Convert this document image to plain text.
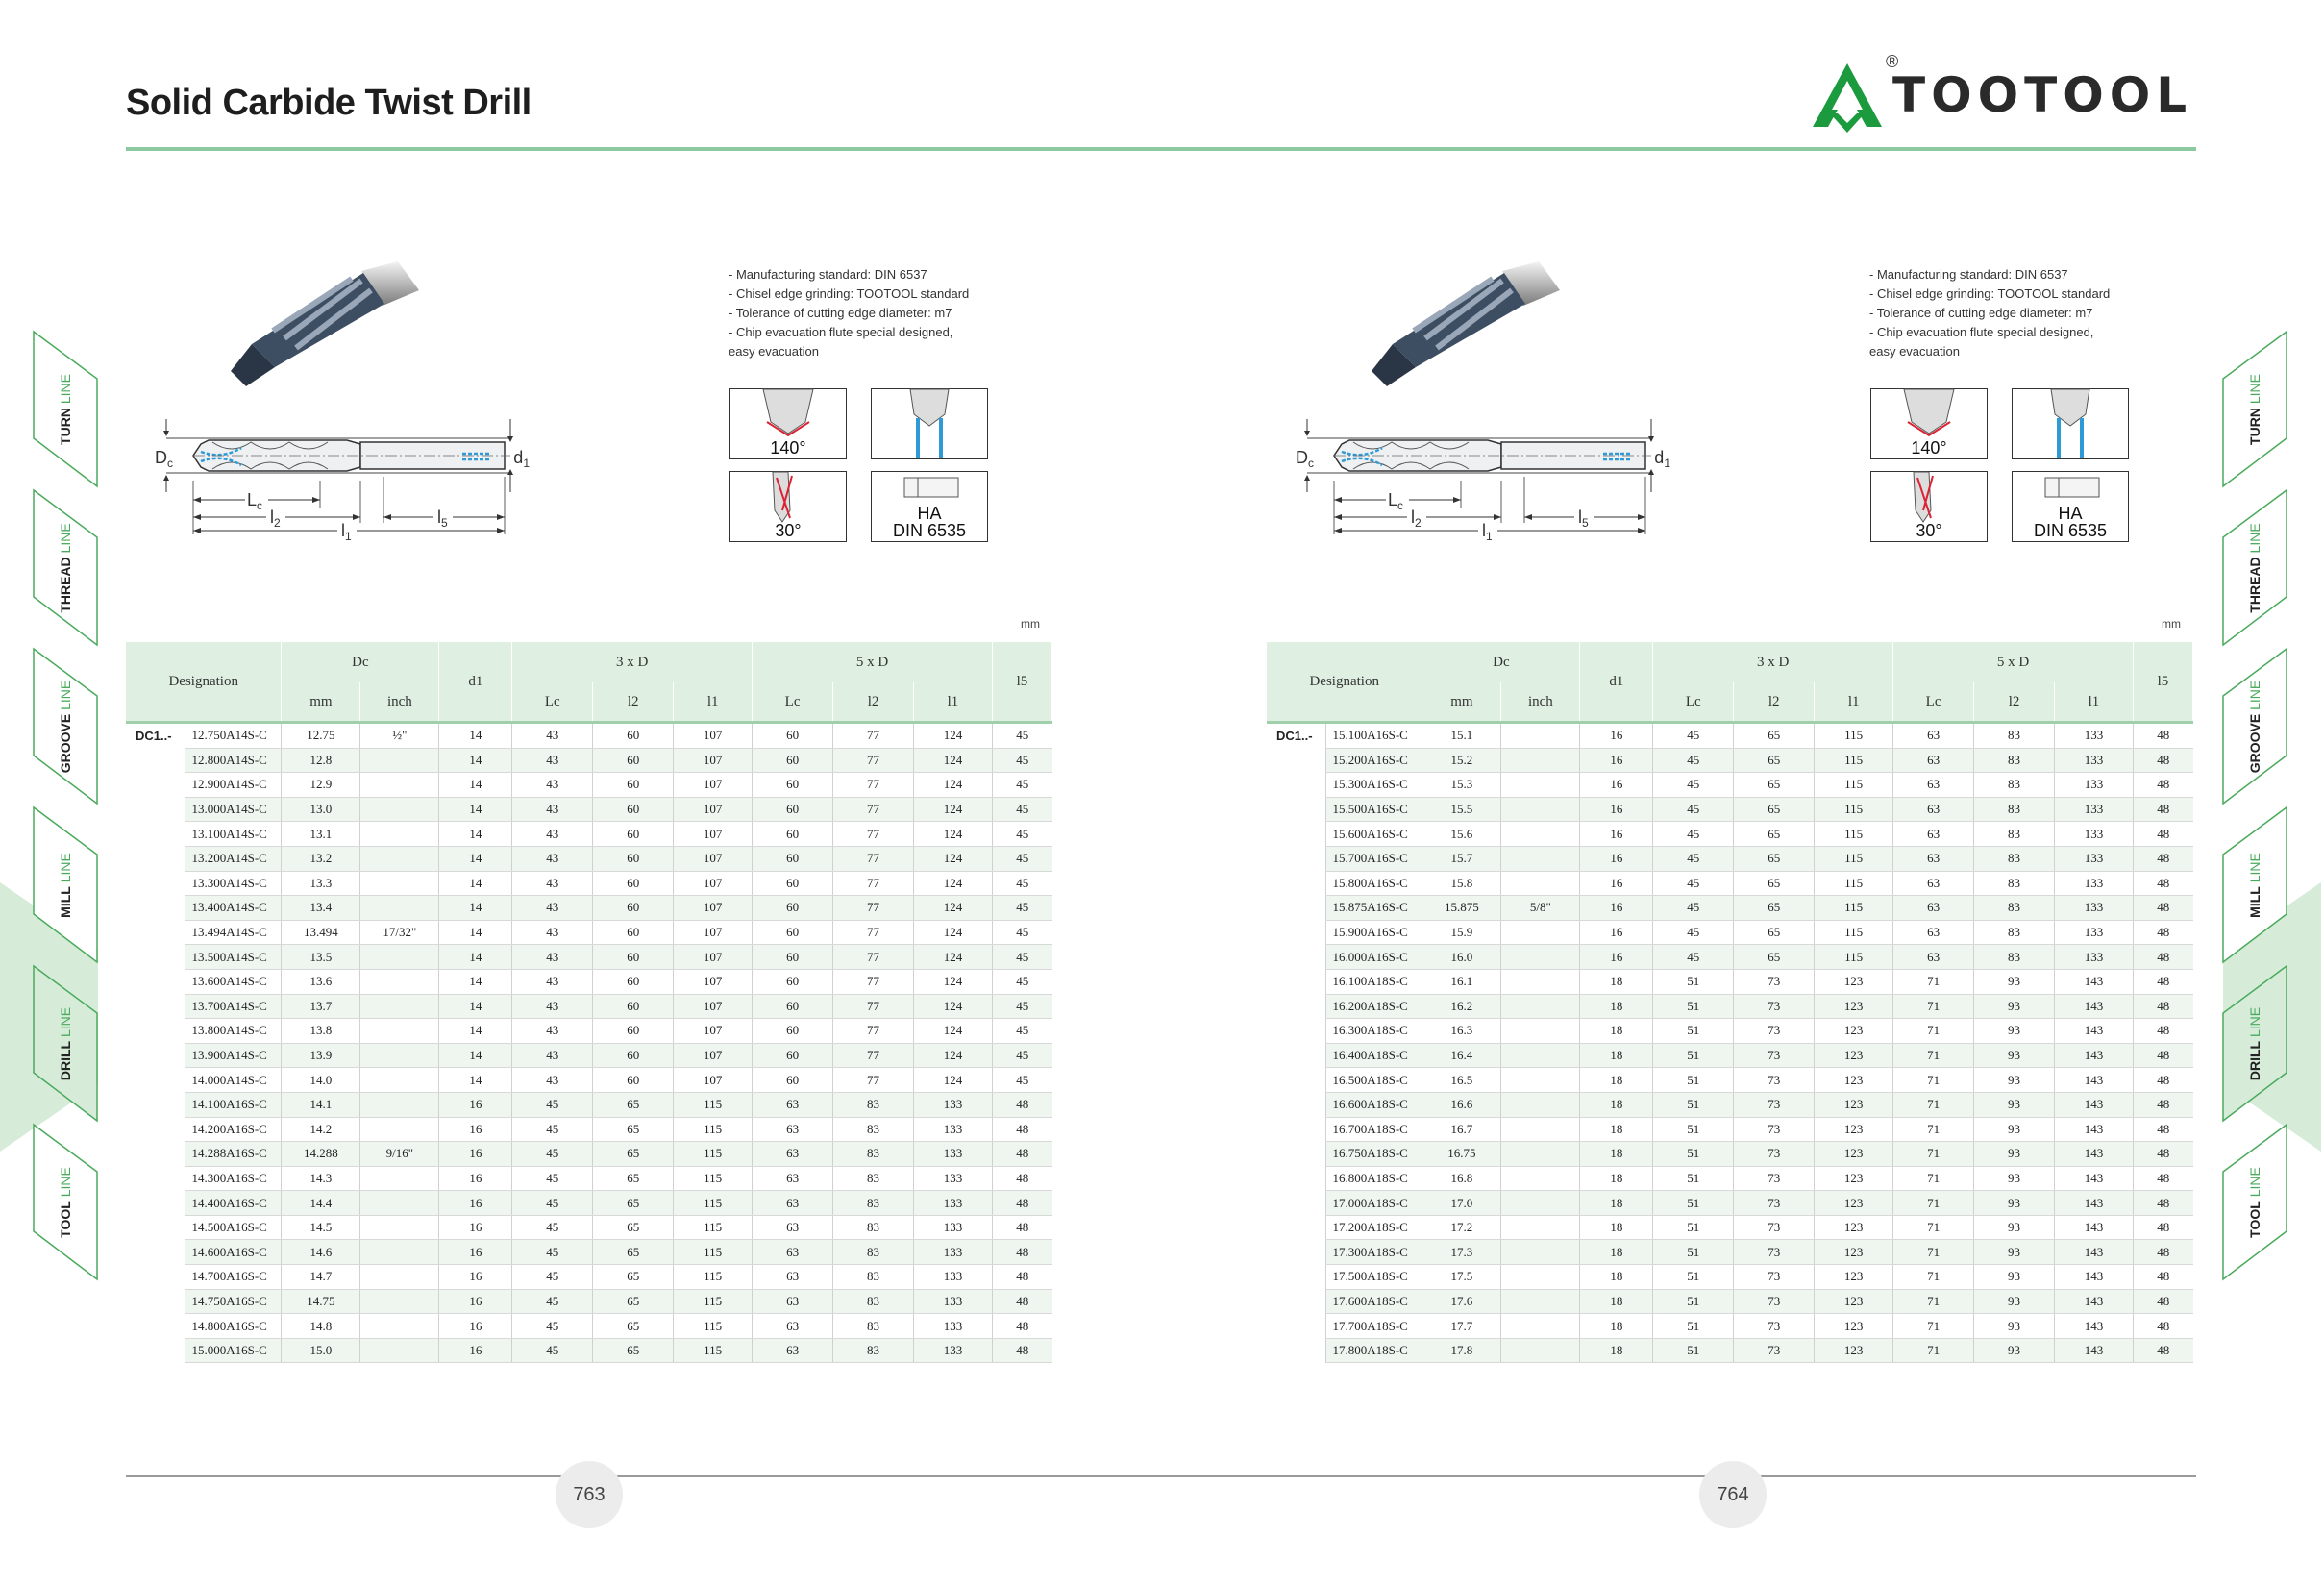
Solid Carbide Twist Drill
®
TOOTOOL
TURN LINE
THREAD LINE
GROOVE LINE
MILL LINE
DRILL LINE
TOOL LINE
TURN LINE
THREAD LINE
GROOVE LINE
MILL LINE
DRILL LINE
TOOL LINE
$D_c$	$d_1$
$L_c$
$l_2$	$l_5$
$l_1$
- Manufacturing standard: DIN 6537
- Chisel edge grinding: TOOTOOL standard
- Tolerance of cutting edge diameter: m7
- Chip evacuation flute special designed,
easy evacuation
140°
30°
HA
DIN 6535
mm
Designation		Dc		d1	3 x D			5 x D			l5
		mm	inch		Lc	l2	l1	Lc	l2	l1	
DC1..-	12.750A14S-C	12.75	½"	14	43	60	107	60	77	124	45
	12.800A14S-C	12.8		14	43	60	107	60	77	124	45
	12.900A14S-C	12.9		14	43	60	107	60	77	124	45
	13.000A14S-C	13.0		14	43	60	107	60	77	124	45
	13.100A14S-C	13.1		14	43	60	107	60	77	124	45
	13.200A14S-C	13.2		14	43	60	107	60	77	124	45
	13.300A14S-C	13.3		14	43	60	107	60	77	124	45
	13.400A14S-C	13.4		14	43	60	107	60	77	124	45
	13.494A14S-C	13.494	17/32"	14	43	60	107	60	77	124	45
	13.500A14S-C	13.5		14	43	60	107	60	77	124	45
	13.600A14S-C	13.6		14	43	60	107	60	77	124	45
	13.700A14S-C	13.7		14	43	60	107	60	77	124	45
	13.800A14S-C	13.8		14	43	60	107	60	77	124	45
	13.900A14S-C	13.9		14	43	60	107	60	77	124	45
	14.000A14S-C	14.0		14	43	60	107	60	77	124	45
	14.100A16S-C	14.1		16	45	65	115	63	83	133	48
	14.200A16S-C	14.2		16	45	65	115	63	83	133	48
	14.288A16S-C	14.288	9/16"	16	45	65	115	63	83	133	48
	14.300A16S-C	14.3		16	45	65	115	63	83	133	48
	14.400A16S-C	14.4		16	45	65	115	63	83	133	48
	14.500A16S-C	14.5		16	45	65	115	63	83	133	48
	14.600A16S-C	14.6		16	45	65	115	63	83	133	48
	14.700A16S-C	14.7		16	45	65	115	63	83	133	48
	14.750A16S-C	14.75		16	45	65	115	63	83	133	48
	14.800A16S-C	14.8		16	45	65	115	63	83	133	48
	15.000A16S-C	15.0		16	45	65	115	63	83	133	48
$D_c$	$d_1$
$L_c$
$l_2$	$l_5$
$l_1$
- Manufacturing standard: DIN 6537
- Chisel edge grinding: TOOTOOL standard
- Tolerance of cutting edge diameter: m7
- Chip evacuation flute special designed,
easy evacuation
140°
30°
HA
DIN 6535
mm
Designation		Dc		d1	3 x D			5 x D			l5
		mm	inch		Lc	l2	l1	Lc	l2	l1	
DC1..-	15.100A16S-C	15.1		16	45	65	115	63	83	133	48
	15.200A16S-C	15.2		16	45	65	115	63	83	133	48
	15.300A16S-C	15.3		16	45	65	115	63	83	133	48
	15.500A16S-C	15.5		16	45	65	115	63	83	133	48
	15.600A16S-C	15.6		16	45	65	115	63	83	133	48
	15.700A16S-C	15.7		16	45	65	115	63	83	133	48
	15.800A16S-C	15.8		16	45	65	115	63	83	133	48
	15.875A16S-C	15.875	5/8"	16	45	65	115	63	83	133	48
	15.900A16S-C	15.9		16	45	65	115	63	83	133	48
	16.000A16S-C	16.0		16	45	65	115	63	83	133	48
	16.100A18S-C	16.1		18	51	73	123	71	93	143	48
	16.200A18S-C	16.2		18	51	73	123	71	93	143	48
	16.300A18S-C	16.3		18	51	73	123	71	93	143	48
	16.400A18S-C	16.4		18	51	73	123	71	93	143	48
	16.500A18S-C	16.5		18	51	73	123	71	93	143	48
	16.600A18S-C	16.6		18	51	73	123	71	93	143	48
	16.700A18S-C	16.7		18	51	73	123	71	93	143	48
	16.750A18S-C	16.75		18	51	73	123	71	93	143	48
	16.800A18S-C	16.8		18	51	73	123	71	93	143	48
	17.000A18S-C	17.0		18	51	73	123	71	93	143	48
	17.200A18S-C	17.2		18	51	73	123	71	93	143	48
	17.300A18S-C	17.3		18	51	73	123	71	93	143	48
	17.500A18S-C	17.5		18	51	73	123	71	93	143	48
	17.600A18S-C	17.6		18	51	73	123	71	93	143	48
	17.700A18S-C	17.7		18	51	73	123	71	93	143	48
	17.800A18S-C	17.8		18	51	73	123	71	93	143	48
763	764
